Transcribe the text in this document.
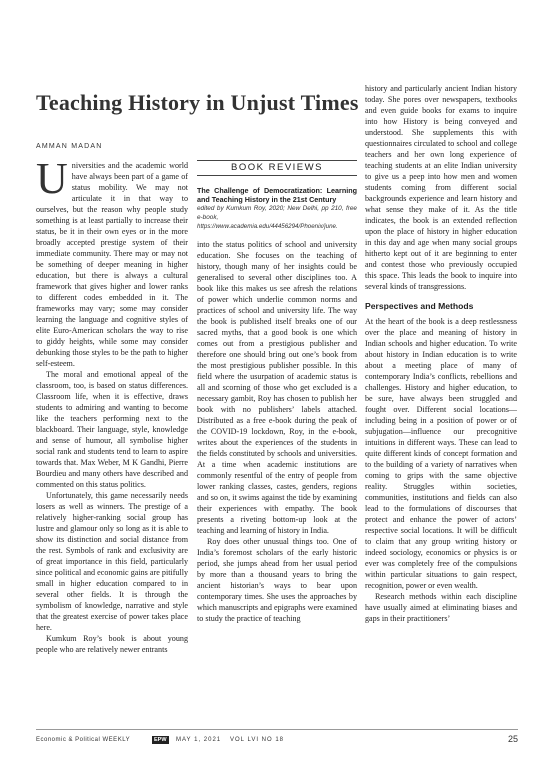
Teaching History in Unjust Times
AMMAN MADAN

Universities and the academic world have always been part of a game of status mobility. We may not articulate it in that way to ourselves, but the reason why people study something is at least partially to increase their status, be it in their own eyes or in the more broadly accepted prestige system of their immediate community. There may or may not be something of deeper meaning in higher education, but there is always a cultural framework that gives higher and lower ranks to different codes embedded in it. The frameworks may vary; some may consider learning the language and cognitive styles of elite Euro-American scholars the way to rise to giddy heights, while some may consider debunking those styles to be the path to higher self-esteem.

The moral and emotional appeal of the classroom, too, is based on status differences. Classroom life, when it is effective, draws students to admiring and wanting to become like the teachers performing next to the blackboard. Their language, style, knowledge and sense of humour, all symbolise higher social rank and students tend to learn to aspire towards that. Max Weber, M K Gandhi, Pierre Bourdieu and many others have described and commented on this status politics.

Unfortunately, this game necessarily needs losers as well as winners. The prestige of a relatively higher-ranking social group has lustre and glamour only so long as it is able to show its distinction and social distance from the rest. Symbols of rank and exclusivity are of great importance in this field, particularly since political and economic gains are pitifully small in higher education compared to in several other fields. It is through the symbolism of knowledge, narrative and style that the greatest exercise of power takes place here.

Kumkum Roy’s book is about young people who are relatively newer entrants

BOOK REVIEWS
The Challenge of Democratization: Learning and Teaching History in the 21st Century
edited by Kumkum Roy, 2020; New Delhi, pp 210, free e-book,
https://www.academia.edu/44456294/Phoenix/june.

into the status politics of school and university education. She focuses on the teaching of history, though many of her insights could be generalised to several other disciplines too. A book like this makes us see afresh the relations of power which underlie common norms and practices of school and university life. The way the book is published itself breaks one of our sacred myths, that a good book is one which comes out from a prestigious publisher and therefore one should bring out one’s book from the most prestigious publisher possible. In this field where the usurpation of academic status is all and scorning of those who get excluded is a necessary gambit, Roy has chosen to publish her book with no publishers’ labels attached. Distributed as a free e-book during the peak of the COVID-19 lockdown, Roy, in the e-book, writes about the experiences of the students in the fields constituted by schools and universities. At a time when academic institutions are commonly resentful of the entry of people from lower ranking classes, castes, genders, regions and so on, it swims against the tide by examining their experiences with empathy. The book presents a riveting bottom-up look at the teaching and learning of history in India.

Roy does other unusual things too. One of India’s foremost scholars of the early historic period, she jumps ahead from her usual period by more than a thousand years to bring the ancient historian’s ways to bear upon contemporary times. She uses the approaches by which manuscripts and epigraphs were examined to study the practice of teaching

history and particularly ancient Indian history today. She pores over newspapers, textbooks and even guide books for exams to inquire into how History is being conveyed and understood. She supplements this with questionnaires circulated to school and college teachers and her own long experience of teaching students at an elite Indian university to give us a peep into how men and women students coming from different social backgrounds experience and learn history and what sense they make of it. As the title indicates, the book is an extended reflection upon the place of history in higher education in this day and age when many social groups hitherto kept out of it are beginning to enter and contest those who previously occupied this space. This leads the book to inquire into several kinds of transgressions.

Perspectives and Methods

At the heart of the book is a deep restlessness over the place and meaning of history in Indian schools and higher education. To write about history in Indian education is to write about a meeting place of many of contemporary India’s conflicts, rebellions and challenges. History and higher education, to be sure, have always been struggled and fought over. Different social locations—including being in a position of power or of subjugation—influence our precognitive intuitions in different ways. These can lead to quite different kinds of concept formation and to the building of a variety of narratives when coming to grips with the same objective reality. Struggles within societies, communities, institutions and fields can also lead to the formulations of discourses that protect and enhance the power of actors’ respective social locations. It will be difficult to claim that any group writing history or indeed sociology, economics or physics is or ever was completely free of the compulsions within particular situations to gain respect, recognition, power or even wealth.

Research methods within each discipline have usually aimed at eliminating biases and gaps in their practitioners’

Economic & Political WEEKLY	EPW	MAY 1, 2021 VOL LVI NO 18	25
